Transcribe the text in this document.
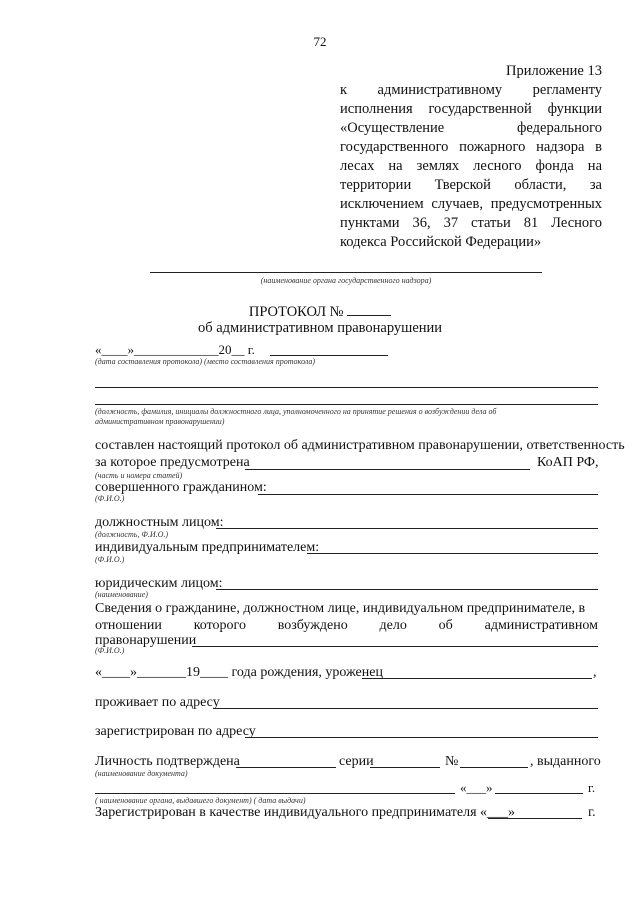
72
Приложение 13
к административному регламенту исполнения государственной функции «Осуществление федерального государственного пожарного надзора в лесах на землях лесного фонда на территории Тверской области, за исключением случаев, предусмотренных пунктами 36, 37 статьи 81 Лесного кодекса Российской Федерации»
(наименование органа государственного надзора)
ПРОТОКОЛ №
об административном правонарушении
«____»_____________20__ г.
(дата составления протокола) (место составления протокола)
(должность, фамилия, инициалы должностного лица, уполномоченного на принятие решения о возбуждении дела об административном правонарушении)
составлен настоящий протокол об административном правонарушении, ответственность
за которое предусмотрена	КоАП РФ,
(часть и номера статей)
совершенного гражданином:
(Ф.И.О.)
должностным лицом:
(должность, Ф.И.О.)
индивидуальным предпринимателем:
(Ф.И.О.)
юридическим лицом:
(наименование)
Сведения о гражданине, должностном лице, индивидуальном предпринимателе, в
отношении которого возбуждено дело об административном
правонарушении
(Ф.И.О.)
«____»_______19____ года рождения, уроженец	,
проживает по адресу
зарегистрирован по адресу
Личность подтверждена	серии	№	, выданного
(наименование документа)
«___»	г.
( наименование органа, выдавшего документ) ( дата выдачи)
Зарегистрирован в качестве индивидуального предпринимателя «___»	г.
